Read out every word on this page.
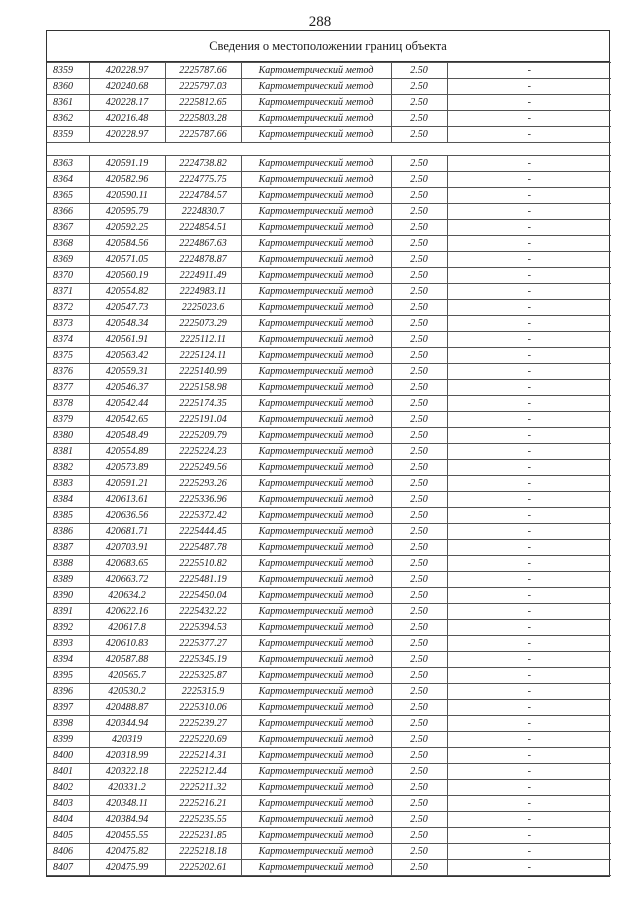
288
Сведения о местоположении границ объекта
8359	420228.97	2225787.66	Картометрический метод	2.50	-
8360	420240.68	2225797.03	Картометрический метод	2.50	-
8361	420228.17	2225812.65	Картометрический метод	2.50	-
8362	420216.48	2225803.28	Картометрический метод	2.50	-
8359	420228.97	2225787.66	Картометрический метод	2.50	-

8363	420591.19	2224738.82	Картометрический метод	2.50	-
8364	420582.96	2224775.75	Картометрический метод	2.50	-
8365	420590.11	2224784.57	Картометрический метод	2.50	-
8366	420595.79	2224830.7	Картометрический метод	2.50	-
8367	420592.25	2224854.51	Картометрический метод	2.50	-
8368	420584.56	2224867.63	Картометрический метод	2.50	-
8369	420571.05	2224878.87	Картометрический метод	2.50	-
8370	420560.19	2224911.49	Картометрический метод	2.50	-
8371	420554.82	2224983.11	Картометрический метод	2.50	-
8372	420547.73	2225023.6	Картометрический метод	2.50	-
8373	420548.34	2225073.29	Картометрический метод	2.50	-
8374	420561.91	2225112.11	Картометрический метод	2.50	-
8375	420563.42	2225124.11	Картометрический метод	2.50	-
8376	420559.31	2225140.99	Картометрический метод	2.50	-
8377	420546.37	2225158.98	Картометрический метод	2.50	-
8378	420542.44	2225174.35	Картометрический метод	2.50	-
8379	420542.65	2225191.04	Картометрический метод	2.50	-
8380	420548.49	2225209.79	Картометрический метод	2.50	-
8381	420554.89	2225224.23	Картометрический метод	2.50	-
8382	420573.89	2225249.56	Картометрический метод	2.50	-
8383	420591.21	2225293.26	Картометрический метод	2.50	-
8384	420613.61	2225336.96	Картометрический метод	2.50	-
8385	420636.56	2225372.42	Картометрический метод	2.50	-
8386	420681.71	2225444.45	Картометрический метод	2.50	-
8387	420703.91	2225487.78	Картометрический метод	2.50	-
8388	420683.65	2225510.82	Картометрический метод	2.50	-
8389	420663.72	2225481.19	Картометрический метод	2.50	-
8390	420634.2	2225450.04	Картометрический метод	2.50	-
8391	420622.16	2225432.22	Картометрический метод	2.50	-
8392	420617.8	2225394.53	Картометрический метод	2.50	-
8393	420610.83	2225377.27	Картометрический метод	2.50	-
8394	420587.88	2225345.19	Картометрический метод	2.50	-
8395	420565.7	2225325.87	Картометрический метод	2.50	-
8396	420530.2	2225315.9	Картометрический метод	2.50	-
8397	420488.87	2225310.06	Картометрический метод	2.50	-
8398	420344.94	2225239.27	Картометрический метод	2.50	-
8399	420319	2225220.69	Картометрический метод	2.50	-
8400	420318.99	2225214.31	Картометрический метод	2.50	-
8401	420322.18	2225212.44	Картометрический метод	2.50	-
8402	420331.2	2225211.32	Картометрический метод	2.50	-
8403	420348.11	2225216.21	Картометрический метод	2.50	-
8404	420384.94	2225235.55	Картометрический метод	2.50	-
8405	420455.55	2225231.85	Картометрический метод	2.50	-
8406	420475.82	2225218.18	Картометрический метод	2.50	-
8407	420475.99	2225202.61	Картометрический метод	2.50	-
